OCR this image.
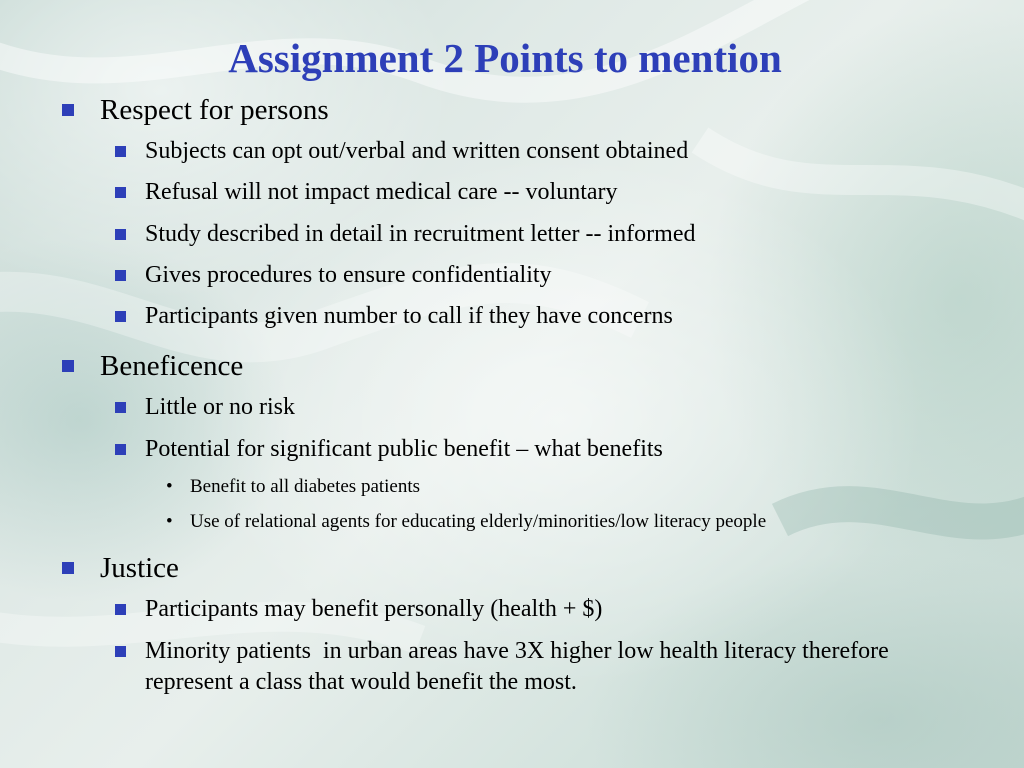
Assignment 2 Points to mention
Respect for persons
Subjects can opt out/verbal and written consent obtained
Refusal will not impact medical care -- voluntary
Study described in detail in recruitment letter -- informed
Gives procedures to ensure confidentiality
Participants given number to call if they have concerns
Beneficence
Little or no risk
Potential for significant public benefit – what benefits
• Benefit to all diabetes patients
• Use of relational agents for educating elderly/minorities/low literacy people
Justice
Participants may benefit personally (health + $)
Minority patients  in urban areas have 3X higher low health literacy therefore represent a class that would benefit the most.
